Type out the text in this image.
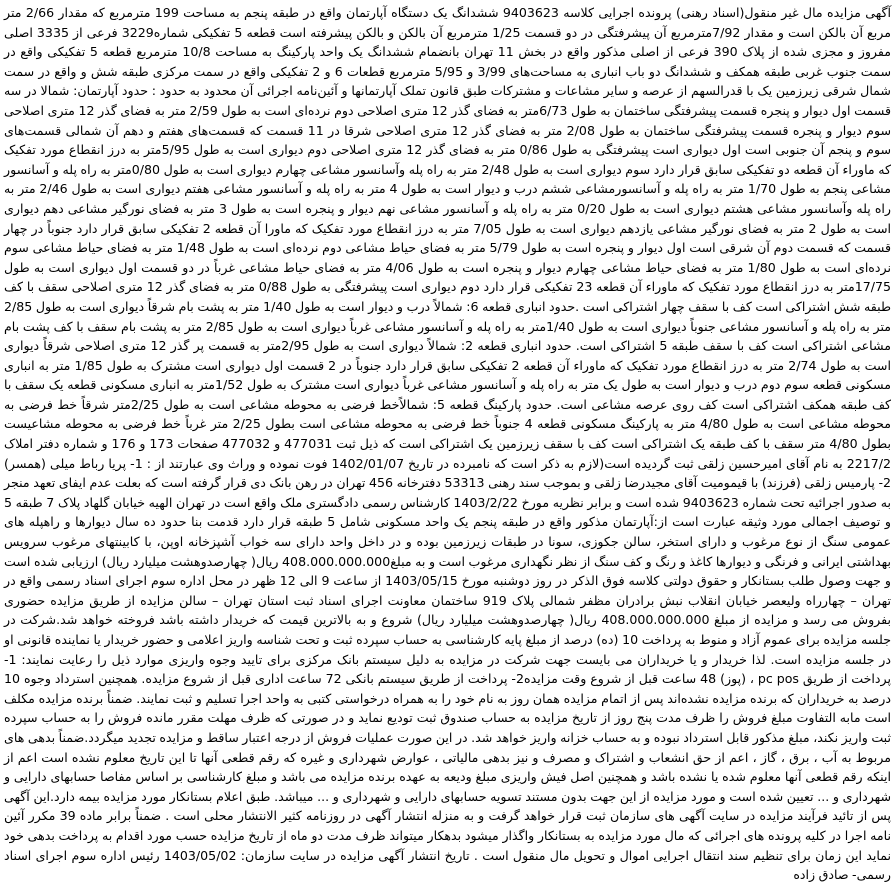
آگهی مزایده مال غیر منقول(اسناد رهنی) پرونده اجرایی کلاسه 9403623 ششدانگ یک دستگاه آپارتمان واقع در طبقه پنجم به مساحت 199 مترمربع که مقدار 2/66 متر مربع آن بالکن است و مقدار 7/92مترمربع آن پیشرفتگی در دو قسمت 1/25 مترمربع آن بالکن و بالکن پیشرفته است قطعه 5 تفکیکی شماره3229 فرعی از 3335 اصلی مفروز و مجزی شده از پلاک 390 فرعی از اصلی مذکور واقع در بخش 11 تهران بانضمام ششدانگ یک واحد پارکینگ به مساحت 10/8 مترمربع قطعه 5 تفکیکی واقع در سمت جنوب غربی طبقه همکف و ششدانگ دو باب انباری به مساحت‌های 3/99 و 5/95 مترمربع قطعات 6 و 2 تفکیکی واقع در سمت مرکزی طبقه شش و واقع در سمت شمال شرقی زیرزمین یک با قدرالسهم از عرصه و سایر مشاعات و مشترکات طبق قانون تملک آپارتمانها و آئین‌نامه اجرائی آن محدود به حدود : حدود آپارتمان: شمالا در سه قسمت اول دیوار و پنجره قسمت پیشرفتگی ساختمان به طول 6/73متر به فضای گذر 12 متری اصلاحی دوم نرده‌ای است به طول 2/59 متر به فضای گذر 12 متری اصلاحی سوم دیوار و پنجره قسمت پیشرفتگی ساختمان به طول 2/08 متر به فضای گذر 12 متری اصلاحی شرقا در 11 قسمت که قسمت‌های هفتم و دهم آن شمالی قسمت‌های سوم و پنجم آن جنوبی است اول دیواری است پیشرفتگی به طول 0/86 متر به فضای گذر 12 متری اصلاحی دوم دیواری است به طول 5/95متر به درز انقطاع مورد تفکیک که ماوراء آن قطعه دو تفکیکی سابق قرار دارد سوم دیواری است به طول 2/48 متر به راه پله وآسانسور مشاعی چهارم دیواری است به طول 0/80متر به راه پله و آسانسور مشاعی پنجم به طول 1/70 متر به راه پله و آسانسورمشاعی ششم درب و دیوار است به طول 4 متر به راه پله و آسانسور مشاعی هفتم دیواری است به طول 2/46 متر به راه پله وآسانسور مشاعی هشتم دیواری است به طول 0/20 متر به راه پله و آسانسور مشاعی نهم دیوار و پنجره است به طول 3 متر به فضای نورگیر مشاعی دهم دیواری است به طول 2 متر به فضای نورگیر مشاعی یازدهم دیواری است به طول 7/05 متر به درز انقطاع مورد تفکیک که ماورا آن قطعه 2 تفکیکی سابق قرار دارد جنوباً در چهار قسمت که قسمت دوم آن شرقی است اول دیوار و پنجره است به طول 5/79 متر به فضای حیاط مشاعی دوم نرده‌ای است به طول 1/48 متر به فضای حیاط مشاعی سوم نرده‌ای است به طول 1/80 متر به فضای حیاط مشاعی چهارم دیوار و پنجره است به طول 4/06 متر به فضای حیاط مشاعی غرباً در دو قسمت اول دیواری است به طول 17/75متر به درز انقطاع مورد تفکیک که ماوراء آن قطعه 23 تفکیکی قرار دارد دوم دیواری است پیشرفتگی به طول 0/88 متر به فضای گذر 12 متری اصلاحی سقف با کف طبقه شش اشتراکی است کف با سقف چهار اشتراکی است .حدود انباری قطعه 6: شمالاً درب و دیوار است به طول 1/40 متر به پشت بام شرقاً دیواری است به طول 2/85 متر به راه پله و آسانسور مشاعی جنوباً دیواری است به طول 1/40متر به راه پله و آسانسور مشاعی غرباً دیواری است به طول 2/85 متر به پشت بام سقف با کف پشت بام مشاعی اشتراکی است کف با سقف طبقه 5 اشتراکی است. حدود انباری قطعه 2: شمالاً دیواری است به طول 2/95متر به قسمت پر گذر 12 متری اصلاحی شرقاً دیواری است به طول 2/74 متر به درز انقطاع مورد تفکیک که ماوراء آن قطعه 2 تفکیکی سابق قرار دارد جنوباً در 2 قسمت اول دیواری است مشترک به طول 1/85 متر به انباری مسکونی قطعه سوم دوم درب و دیوار است به طول یک متر به راه پله و آسانسور مشاعی غرباً دیواری است مشترک به طول 1/52متر به انباری مسکونی قطعه یک سقف با کف طبقه همکف اشتراکی است کف روی عرصه مشاعی است. حدود پارکینگ قطعه 5: شمالاًخط فرضی به محوطه مشاعی است به طول 2/25متر شرقاً خط فرضی به محوطه مشاعی است به طول 4/80 متر به پارکینگ مسکونی قطعه 4 جنوباً خط فرضی به محوطه مشاعی است بطول 2/25 متر غرباً خط فرضی به محوطه مشاعیست بطول 4/80 متر سقف با کف طبقه یک اشتراکی است کف با سقف زیرزمین یک اشتراکی است که ذیل ثبت 477031 و 477032 صفحات 173 و 176 و شماره دفتر املاک 2217/2 به نام آقای امیرحسین زلقی ثبت گردیده است(لازم به ذکر است که نامبرده در تاریخ 1402/01/07 فوت نموده و وراث وی عبارتند از : 1- پریا رباط میلی (همسر) 2- پارمیس زلقی (فرزند) با قیمومیت آقای مجیدرضا زلقی و بموجب سند رهنی 53313 دفترخانه 456 تهران در رهن بانک دی قرار گرفته است که بعلت عدم ایفای تعهد منجر به صدور اجرائیه تحت شماره 9403623 شده است و برابر نظریه مورخ 1403/2/22 کارشناس رسمی دادگستری ملک واقع است در تهران الهیه خیابان گلهاد پلاک 7 طبقه 5 و توصیف اجمالی مورد وثیقه عبارت است از:آپارتمان مذکور واقع در طبقه پنجم یک واحد مسکونی شامل 5 طبقه قرار دارد قدمت بنا حدود ده سال دیوارها و راهپله های عمومی سنگ از نوع مرغوب و دارای استخر، سالن جکوزی، سونا در طبقات زیرزمین بوده و در داخل واحد دارای سه خواب آشپزخانه اوپن، با کابینتهای مرغوب سرویس بهداشتی ایرانی و فرنگی و دیوارها کاغذ و رنگ و کف سنگ از نظر نگهداری مرغوب است و به مبلغ408.000.000.000 ریال( چهارصدوهشت میلیارد ریال) ارزیابی شده است و جهت وصول طلب بستانکار و حقوق دولتی کلاسه فوق الذکر در روز دوشنبه مورخ 1403/05/15 از ساعت 9 الی 12 ظهر در محل اداره سوم اجرای اسناد رسمی واقع در تهران – چهارراه ولیعصر خیابان انقلاب نبش برادران مظفر شمالی پلاک 919 ساختمان معاونت اجرای اسناد ثبت استان تهران – سالن مزایده از طریق مزایده حضوری بفروش می رسد و مزایده از مبلغ 408.000.000.000 ریال( چهارصدوهشت میلیارد ریال) شروع و به بالاترین قیمت که خریدار داشته باشد فروخته خواهد شد.شرکت در جلسه مزایده برای عموم آزاد و منوط به پرداخت 10 (ده) درصد از مبلغ پایه کارشناسی به حساب سپرده ثبت و تحت شناسه واریز اعلامی و حضور خریدار یا نماینده قانونی او در جلسه مزایده است. لذا خریدار و یا خریداران می بایست جهت شرکت در مزایده به دلیل سیستم بانک مرکزی برای تایید وجوه واریزی موارد ذیل را رعایت نمایند: 1- پرداخت از طریق pc pos ، (پوز) 48 ساعت قبل از شروع وقت مزایده2- پرداخت از طریق سیستم بانکی 72 ساعت اداری قبل از شروع مزایده. همچنین استرداد وجوه 10 درصد به خریداران که برنده مزایده نشده‌اند پس از اتمام مزایده همان روز به نام خود را به همراه درخواستی کتبی به واحد اجرا تسلیم و ثبت نمایند. ضمناً برنده مزایده مکلف است مابه التفاوت مبلغ فروش را ظرف مدت پنج روز از تاریخ مزایده به حساب صندوق ثبت تودیع نماید و در صورتی که ظرف مهلت مقرر مانده فروش را به حساب سپرده ثبت واریز نکند، مبلغ مذکور قابل استرداد نبوده و به حساب خزانه واریز خواهد شد. در این صورت عملیات فروش از درجه اعتبار ساقط و مزایده تجدید میگردد.ضمناً بدهی های مربوط به آب ، برق ، گاز ، اعم از حق انشعاب و اشتراک و مصرف و نیز بدهی مالیاتی ، عوارض شهرداری و غیره که رقم قطعی آنها تا این تاریخ معلوم نشده است اعم از اینکه رقم قطعی آنها معلوم شده یا نشده باشد و همچنین اصل فیش واریزی مبلغ ودیعه به عهده برنده مزایده می باشد و مبلغ کارشناسی بر اساس مفاصا حسابهای دارایی و شهرداری و ... تعیین شده است و مورد مزایده از این جهت بدون مستند تسویه حسابهای دارایی و شهرداری و ... میباشد. طبق اعلام بستانکار مورد مزایده بیمه دارد.این آگهی پس از تائید فرآیند مزایده در سایت آگهی های سازمان ثبت قرار خواهد گرفت و به منزله انتشار آگهی در روزنامه کثیر الانتشار محلی است . ضمناً برابر ماده 39 مکرر آئین نامه اجرا در کلیه پرونده های اجرائی که مال مورد مزایده به بستانکار واگذار میشود بدهکار میتواند ظرف مدت دو ماه از تاریخ مزایده حسب مورد اقدام به پرداخت بدهی خود نماید این زمان برای تنظیم سند انتقال اجرایی اموال و تحویل مال منقول است . تاریخ انتشار آگهی مزایده در سایت سازمان: 1403/05/02 رئیس اداره سوم اجرای اسناد رسمی- صادق زاده
